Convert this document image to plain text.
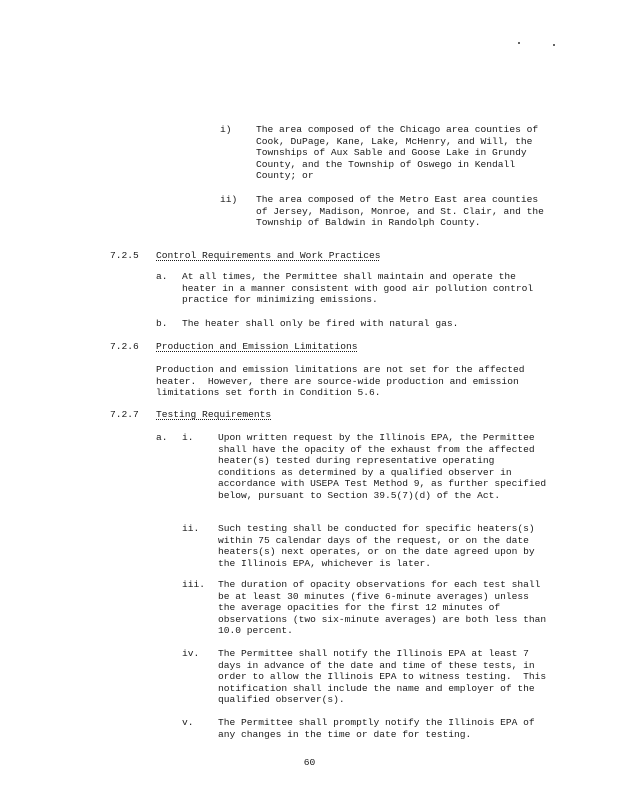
i)	The area composed of the Chicago area counties of Cook, DuPage, Kane, Lake, McHenry, and Will, the Townships of Aux Sable and Goose Lake in Grundy County, and the Township of Oswego in Kendall County; or
ii) The area composed of the Metro East area counties of Jersey, Madison, Monroe, and St. Clair, and the Township of Baldwin in Randolph County.
7.2.5 Control Requirements and Work Practices
a. At all times, the Permittee shall maintain and operate the heater in a manner consistent with good air pollution control practice for minimizing emissions.
b. The heater shall only be fired with natural gas.
7.2.6 Production and Emission Limitations
Production and emission limitations are not set for the affected heater.  However, there are source-wide production and emission limitations set forth in Condition 5.6.
7.2.7 Testing Requirements
a. i.	Upon written request by the Illinois EPA, the Permittee shall have the opacity of the exhaust from the affected heater(s) tested during representative operating conditions as determined by a qualified observer in accordance with USEPA Test Method 9, as further specified below, pursuant to Section 39.5(7)(d) of the Act.
ii. Such testing shall be conducted for specific heaters(s) within 75 calendar days of the request, or on the date heaters(s) next operates, or on the date agreed upon by the Illinois EPA, whichever is later.
iii. The duration of opacity observations for each test shall be at least 30 minutes (five 6-minute averages) unless the average opacities for the first 12 minutes of observations (two six-minute averages) are both less than 10.0 percent.
iv. The Permittee shall notify the Illinois EPA at least 7 days in advance of the date and time of these tests, in order to allow the Illinois EPA to witness testing.  This notification shall include the name and employer of the qualified observer(s).
v.	The Permittee shall promptly notify the Illinois EPA of any changes in the time or date for testing.
60
